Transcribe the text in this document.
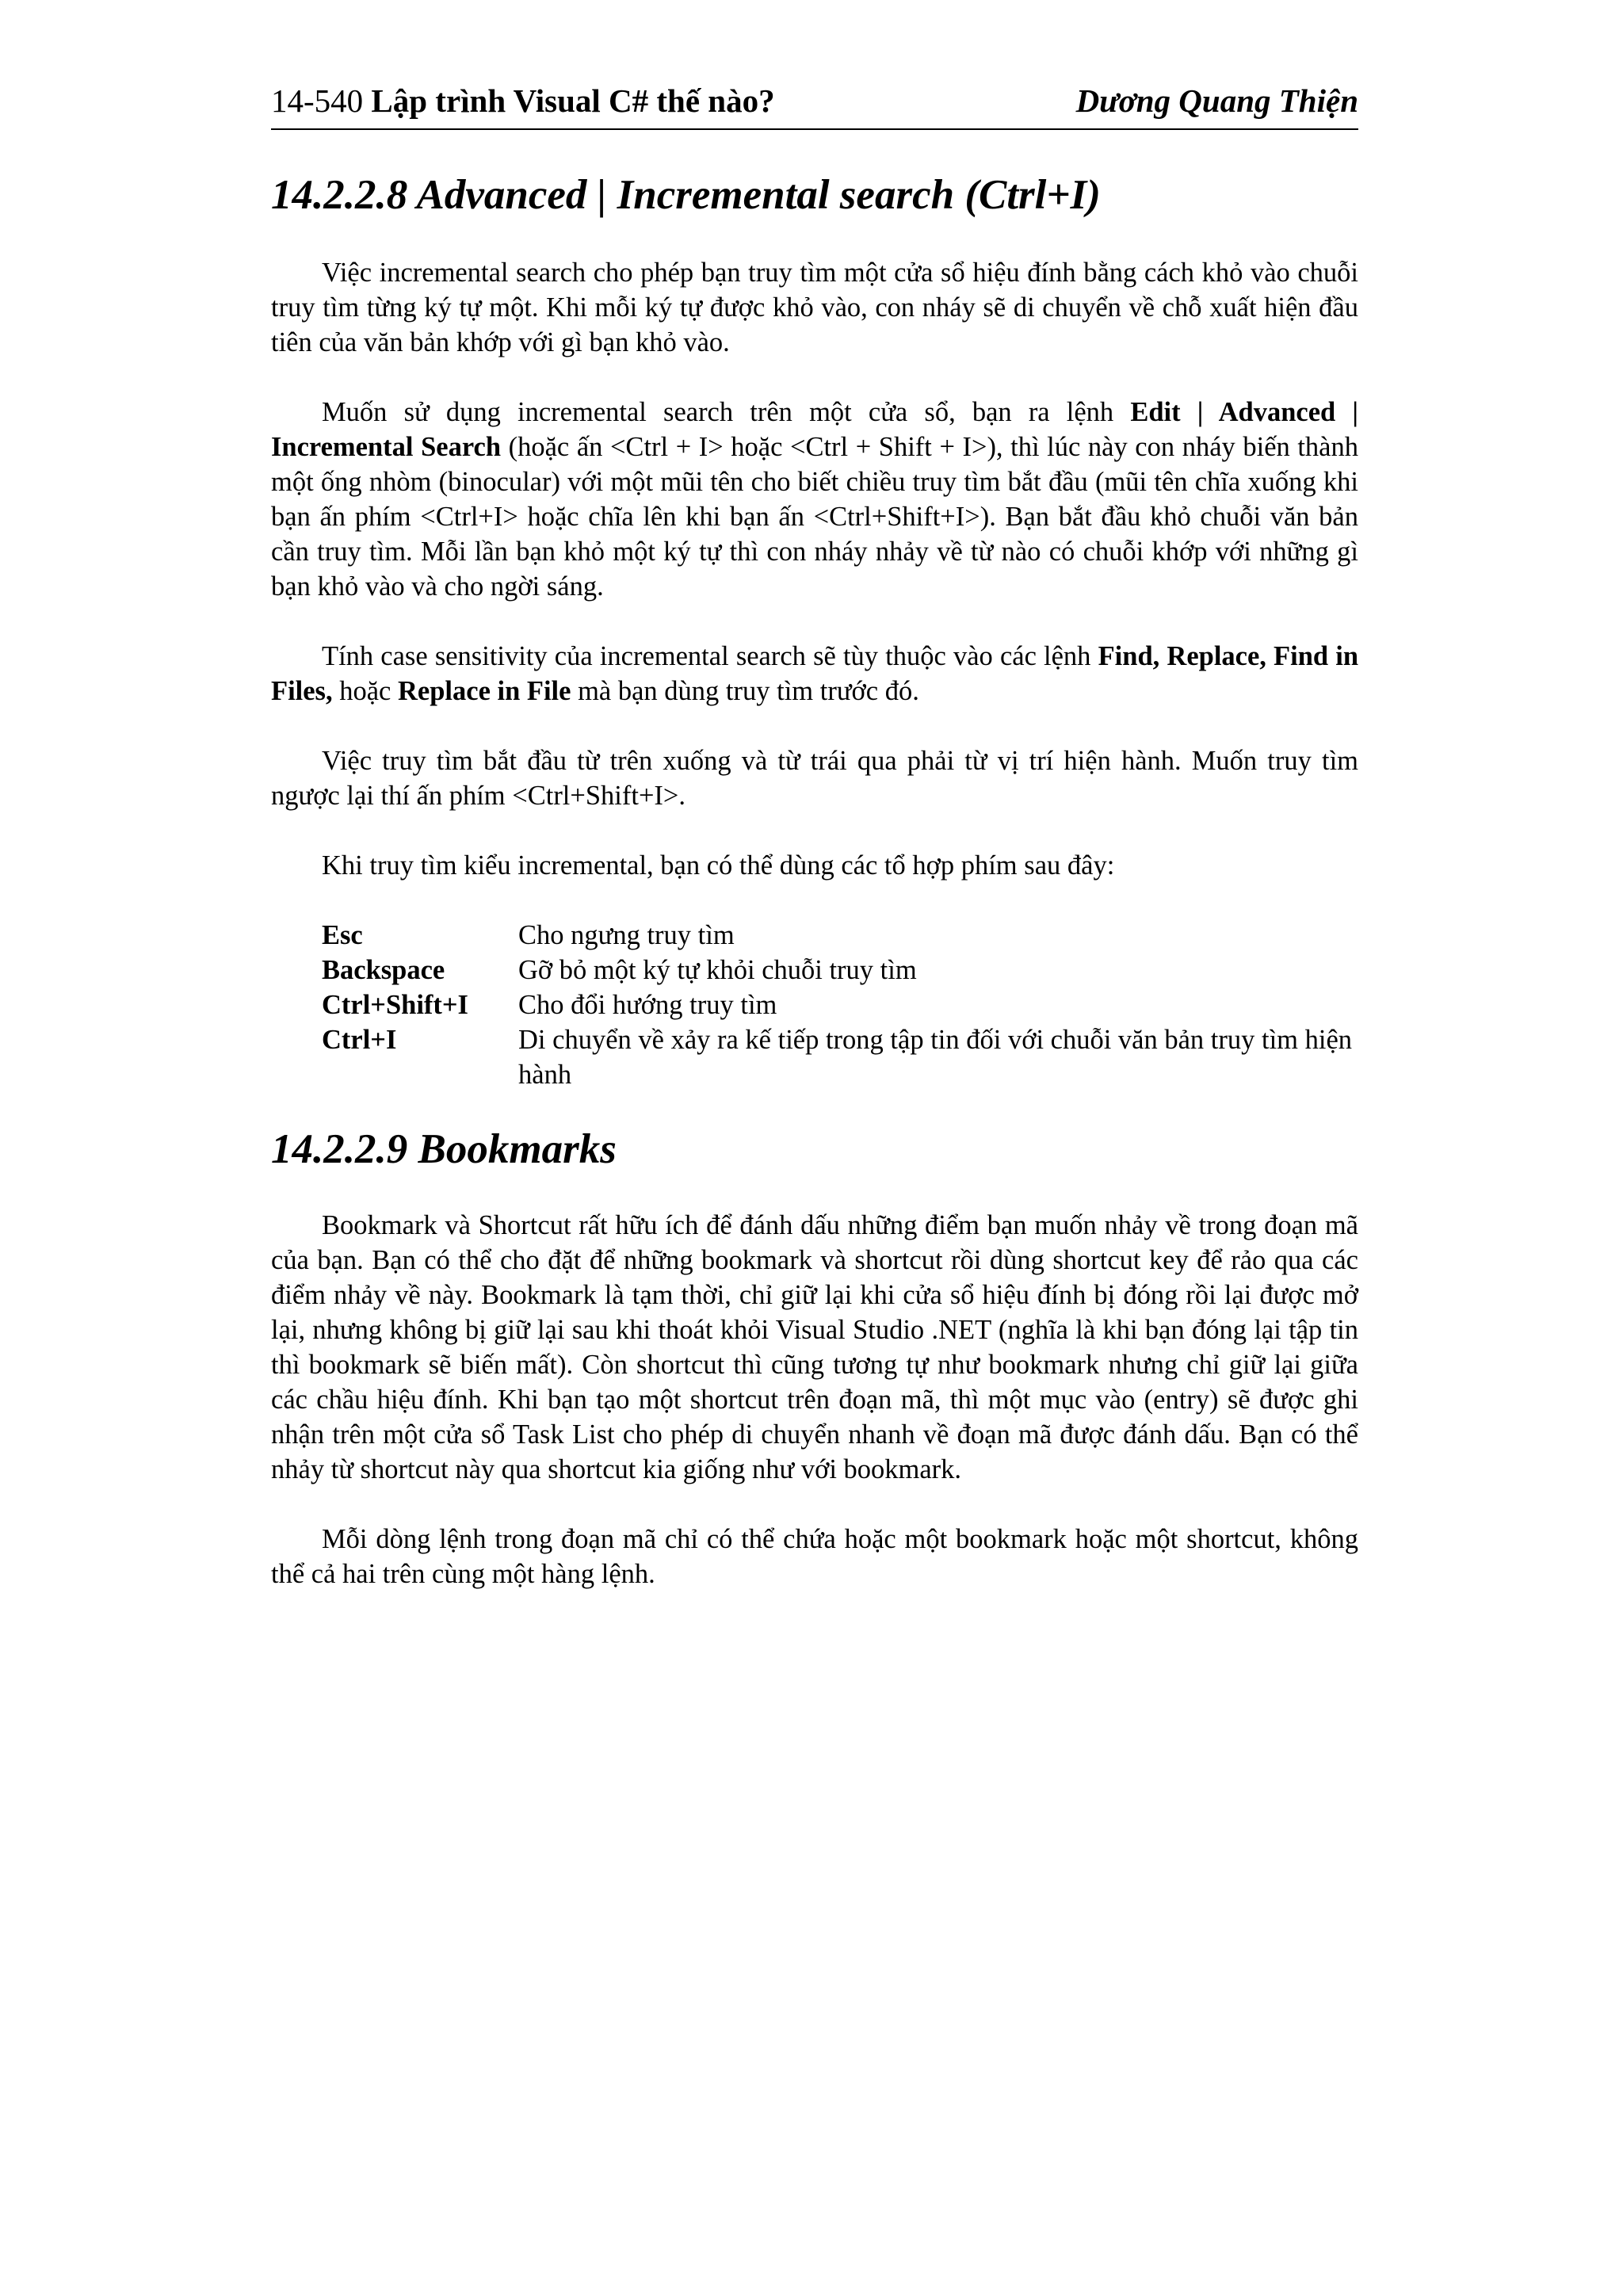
14-540 Lập trình Visual C# thế nào?	Dương Quang Thiện
14.2.2.8 Advanced | Incremental search (Ctrl+I)

Việc incremental search cho phép bạn truy tìm một cửa sổ hiệu đính bằng cách khỏ vào chuỗi truy tìm từng ký tự một. Khi mỗi ký tự được khỏ vào, con nháy sẽ di chuyển về chỗ xuất hiện đầu tiên của văn bản khớp với gì bạn khỏ vào.

Muốn sử dụng incremental search trên một cửa sổ, bạn ra lệnh Edit | Advanced | Incremental Search (hoặc ấn <Ctrl + I> hoặc <Ctrl + Shift + I>), thì lúc này con nháy biến thành một ống nhòm (binocular) với một mũi tên cho biết chiều truy tìm bắt đầu (mũi tên chĩa xuống khi bạn ấn phím <Ctrl+I> hoặc chĩa lên khi bạn ấn <Ctrl+Shift+I>). Bạn bắt đầu khỏ chuỗi văn bản cần truy tìm. Mỗi lần bạn khỏ một ký tự thì con nháy nhảy về từ nào có chuỗi khớp với những gì bạn khỏ vào và cho ngời sáng.

Tính case sensitivity của incremental search sẽ tùy thuộc vào các lệnh Find, Replace, Find in Files, hoặc Replace in File mà bạn dùng truy tìm trước đó.

Việc truy tìm bắt đầu từ trên xuống và từ trái qua phải từ vị trí hiện hành. Muốn truy tìm ngược lại thí ấn phím <Ctrl+Shift+I>.

Khi truy tìm kiểu incremental, bạn có thể dùng các tổ hợp phím sau đây:

Esc	Cho ngưng truy tìm
Backspace	Gỡ bỏ một ký tự khỏi chuỗi truy tìm
Ctrl+Shift+I	Cho đổi hướng truy tìm
Ctrl+I	Di chuyển về xảy ra kế tiếp trong tập tin đối với chuỗi văn bản truy tìm hiện hành
14.2.2.9 Bookmarks

Bookmark và Shortcut rất hữu ích để đánh dấu những điểm bạn muốn nhảy về trong đoạn mã của bạn. Bạn có thể cho đặt để những bookmark và shortcut rồi dùng shortcut key để rảo qua các điểm nhảy về này. Bookmark là tạm thời, chỉ giữ lại khi cửa sổ hiệu đính bị đóng rồi lại được mở lại, nhưng không bị giữ lại sau khi thoát khỏi Visual Studio .NET (nghĩa là khi bạn đóng lại tập tin thì bookmark sẽ biến mất). Còn shortcut thì cũng tương tự như bookmark nhưng chỉ giữ lại giữa các chầu hiệu đính. Khi bạn tạo một shortcut trên đoạn mã, thì một mục vào (entry) sẽ được ghi nhận trên một cửa sổ Task List cho phép di chuyển nhanh về đoạn mã được đánh dấu. Bạn có thể nhảy từ shortcut này qua shortcut kia giống như với bookmark.

Mỗi dòng lệnh trong đoạn mã chỉ có thể chứa hoặc một bookmark hoặc một shortcut, không thể cả hai trên cùng một hàng lệnh.
